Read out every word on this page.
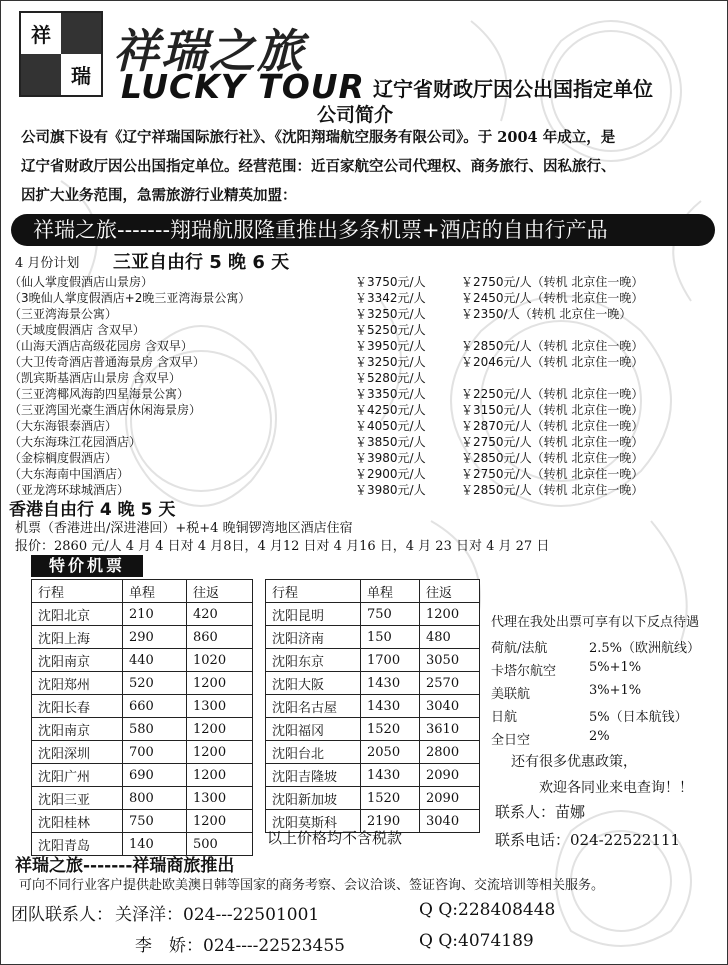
祥
瑞 祥瑞之旅
LUCKY TOUR 辽宁省财政厅因公出国指定单位
公司简介
公司旗下设有《辽宁祥瑞国际旅行社》、《沈阳翔瑞航空服务有限公司》。于 2004 年成立，是
辽宁省财政厅因公出国指定单位。经营范围：近百家航空公司代理权、商务旅行、因私旅行、
因扩大业务范围，急需旅游行业精英加盟：
祥瑞之旅-------翔瑞航服隆重推出多条机票+酒店的自由行产品
4 月份计划 三亚自由行 5 晚 6 天
（仙人掌度假酒店山景房）	￥3750元/人	￥2750元/人（转机 北京住一晚）
（3晚仙人掌度假酒店+2晚三亚湾海景公寓）	￥3342元/人	￥2450元/人（转机 北京住一晚）
（三亚湾海景公寓）	￥3250元/人	￥2350/人（转机 北京住一晚）
（天域度假酒店 含双早）	￥5250元/人
（山海天酒店高级花园房 含双早）	￥3950元/人	￥2850元/人（转机 北京住一晚）
（大卫传奇酒店普通海景房 含双早）	￥3250元/人	￥2046元/人（转机 北京住一晚）
（凯宾斯基酒店山景房 含双早）	￥5280元/人
（三亚湾椰风海韵四星海景公寓）	￥3350元/人	￥2250元/人（转机 北京住一晚）
（三亚湾国光豪生酒店休闲海景房）	￥4250元/人	￥3150元/人（转机 北京住一晚）
（大东海银泰酒店）	￥4050元/人	￥2870元/人（转机 北京住一晚）
（大东海珠江花园酒店）	￥3850元/人	￥2750元/人（转机 北京住一晚）
（金棕榈度假酒店）	￥3980元/人	￥2850元/人（转机 北京住一晚）
（大东海南中国酒店）	￥2900元/人	￥2750元/人（转机 北京住一晚）
（亚龙湾环球城酒店）	￥3980元/人	￥2850元/人（转机 北京住一晚）
香港自由行 4 晚 5 天
机票（香港进出/深进港回）+税+4 晚铜锣湾地区酒店住宿
报价：2860 元/人 4 月 4 日对 4 月8日，4 月12 日对 4 月16 日，4 月 23 日对 4 月 27 日
特价机票
行程	单程	往返
沈阳北京	210	420
沈阳上海	290	860
沈阳南京	440	1020
沈阳郑州	520	1200
沈阳长春	660	1300
沈阳南京	580	1200
沈阳深圳	700	1200
沈阳广州	690	1200
沈阳三亚	800	1300
沈阳桂林	750	1200
沈阳青岛	140	500
行程	单程	往返
沈阳昆明	750	1200
沈阳济南	150	480
沈阳东京	1700	3050
沈阳大阪	1430	2570
沈阳名古屋	1430	3040
沈阳福冈	1520	3610
沈阳台北	2050	2800
沈阳吉隆坡	1430	2090
沈阳新加坡	1520	2090
沈阳莫斯科	2190	3040
以上价格均不含税款
代理在我处出票可享有以下反点待遇
荷航/法航	2.5%（欧洲航线）
卡塔尔航空	5%+1%
美联航	3%+1%
日航	5%（日本航钱）
全日空	2%
还有很多优惠政策，
欢迎各同业来电查询！！
联系人：苗娜
联系电话：024-22522111
祥瑞之旅-------祥瑞商旅推出
可向不同行业客户提供赴欧美澳日韩等国家的商务考察、会议洽谈、签证咨询、交流培训等相关服务。
团队联系人： 关泽洋：024---22501001	Q Q:228408448
李　娇：024----22523455	Q Q:4074189
